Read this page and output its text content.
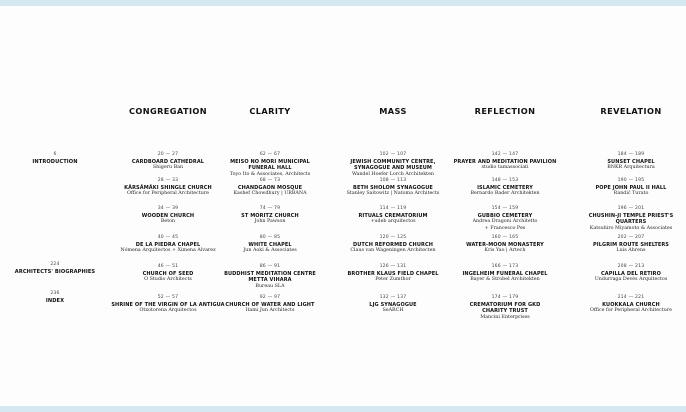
6
INTRODUCTION
224
ARCHITECTS' BIOGRAPHIES
236
INDEX
CONGREGATION
20 — 27
CARDBOARD CATHEDRAL
Shigeru Ban
28 — 33
KÄRSÄMÄKI SHINGLE CHURCH
Office for Peripheral Architecture
34 — 39
WOODEN CHURCH
Beton
40 — 45
DE LA PIEDRA CHAPEL
Nómena Arquitectos + Ximena Alvarez
46 — 51
CHURCH OF SEED
O Studio Architects
52 — 57
SHRINE OF THE VIRGIN OF LA ANTIGUA
Otxotorena Arquitectos
CLARITY
62 — 67
MEISO NO MORI MUNICIPAL
FUNERAL HALL
Toyo Ito & Associates, Architects
68 — 73
CHANDGAON MOSQUE
Kashef Chowdhury | URBANA
74 — 79
ST MORITZ CHURCH
John Pawson
80 — 85
WHITE CHAPEL
Jun Aoki & Associates
86 — 91
BUDDHIST MEDITATION CENTRE
METTA VIHARA
Bureau SLA
92 — 97
CHURCH OF WATER AND LIGHT
Itami Jun Architects
MASS
102 — 107
JEWISH COMMUNITY CENTRE,
SYNAGOGUE AND MUSEUM
Wandel Hoefer Lorch Architekten
108 — 113
BETH SHOLOM SYNAGOGUE
Stanley Saitowitz | Natoma Architects
114 — 119
RITUALS CREMATORIUM
+udeb arquitectos
120 — 125
DUTCH REFORMED CHURCH
Claus van Wageningen Architecten
126 — 131
BROTHER KLAUS FIELD CHAPEL
Peter Zumthor
132 — 137
LJG SYNAGOGUE
SeARCH
REFLECTION
142 — 147
PRAYER AND MEDITATION PAVILION
studio tamassociati
148 — 153
ISLAMIC CEMETERY
Bernardo Bader Architekten
154 — 159
GUBBIO CEMETERY
Andrea Dragoni Architetto
+ Francesco Pes
160 — 165
WATER-MOON MONASTERY
Kris Yao | Artech
166 — 173
INGELHEIM FUNERAL CHAPEL
Bayer & Strobel Architekten
174 — 179
CREMATORIUM FOR GKD
CHARITY TRUST
Mancini Enterprises
REVELATION
184 — 189
SUNSET CHAPEL
BNKR Arquitectura
190 — 195
POPE JOHN PAUL II HALL
Randić Turato
196 — 201
CHUSHIN-JI TEMPLE PRIEST'S
QUARTERS
Katsuhiro Miyamoto & Associates
202 — 207
PILGRIM ROUTE SHELTERS
Luis Ahrens
208 — 213
CAPILLA DEL RETIRO
Undurraga Devés Arquitectos
214 — 221
KUOKKALA CHURCH
Office for Peripheral Architecture
